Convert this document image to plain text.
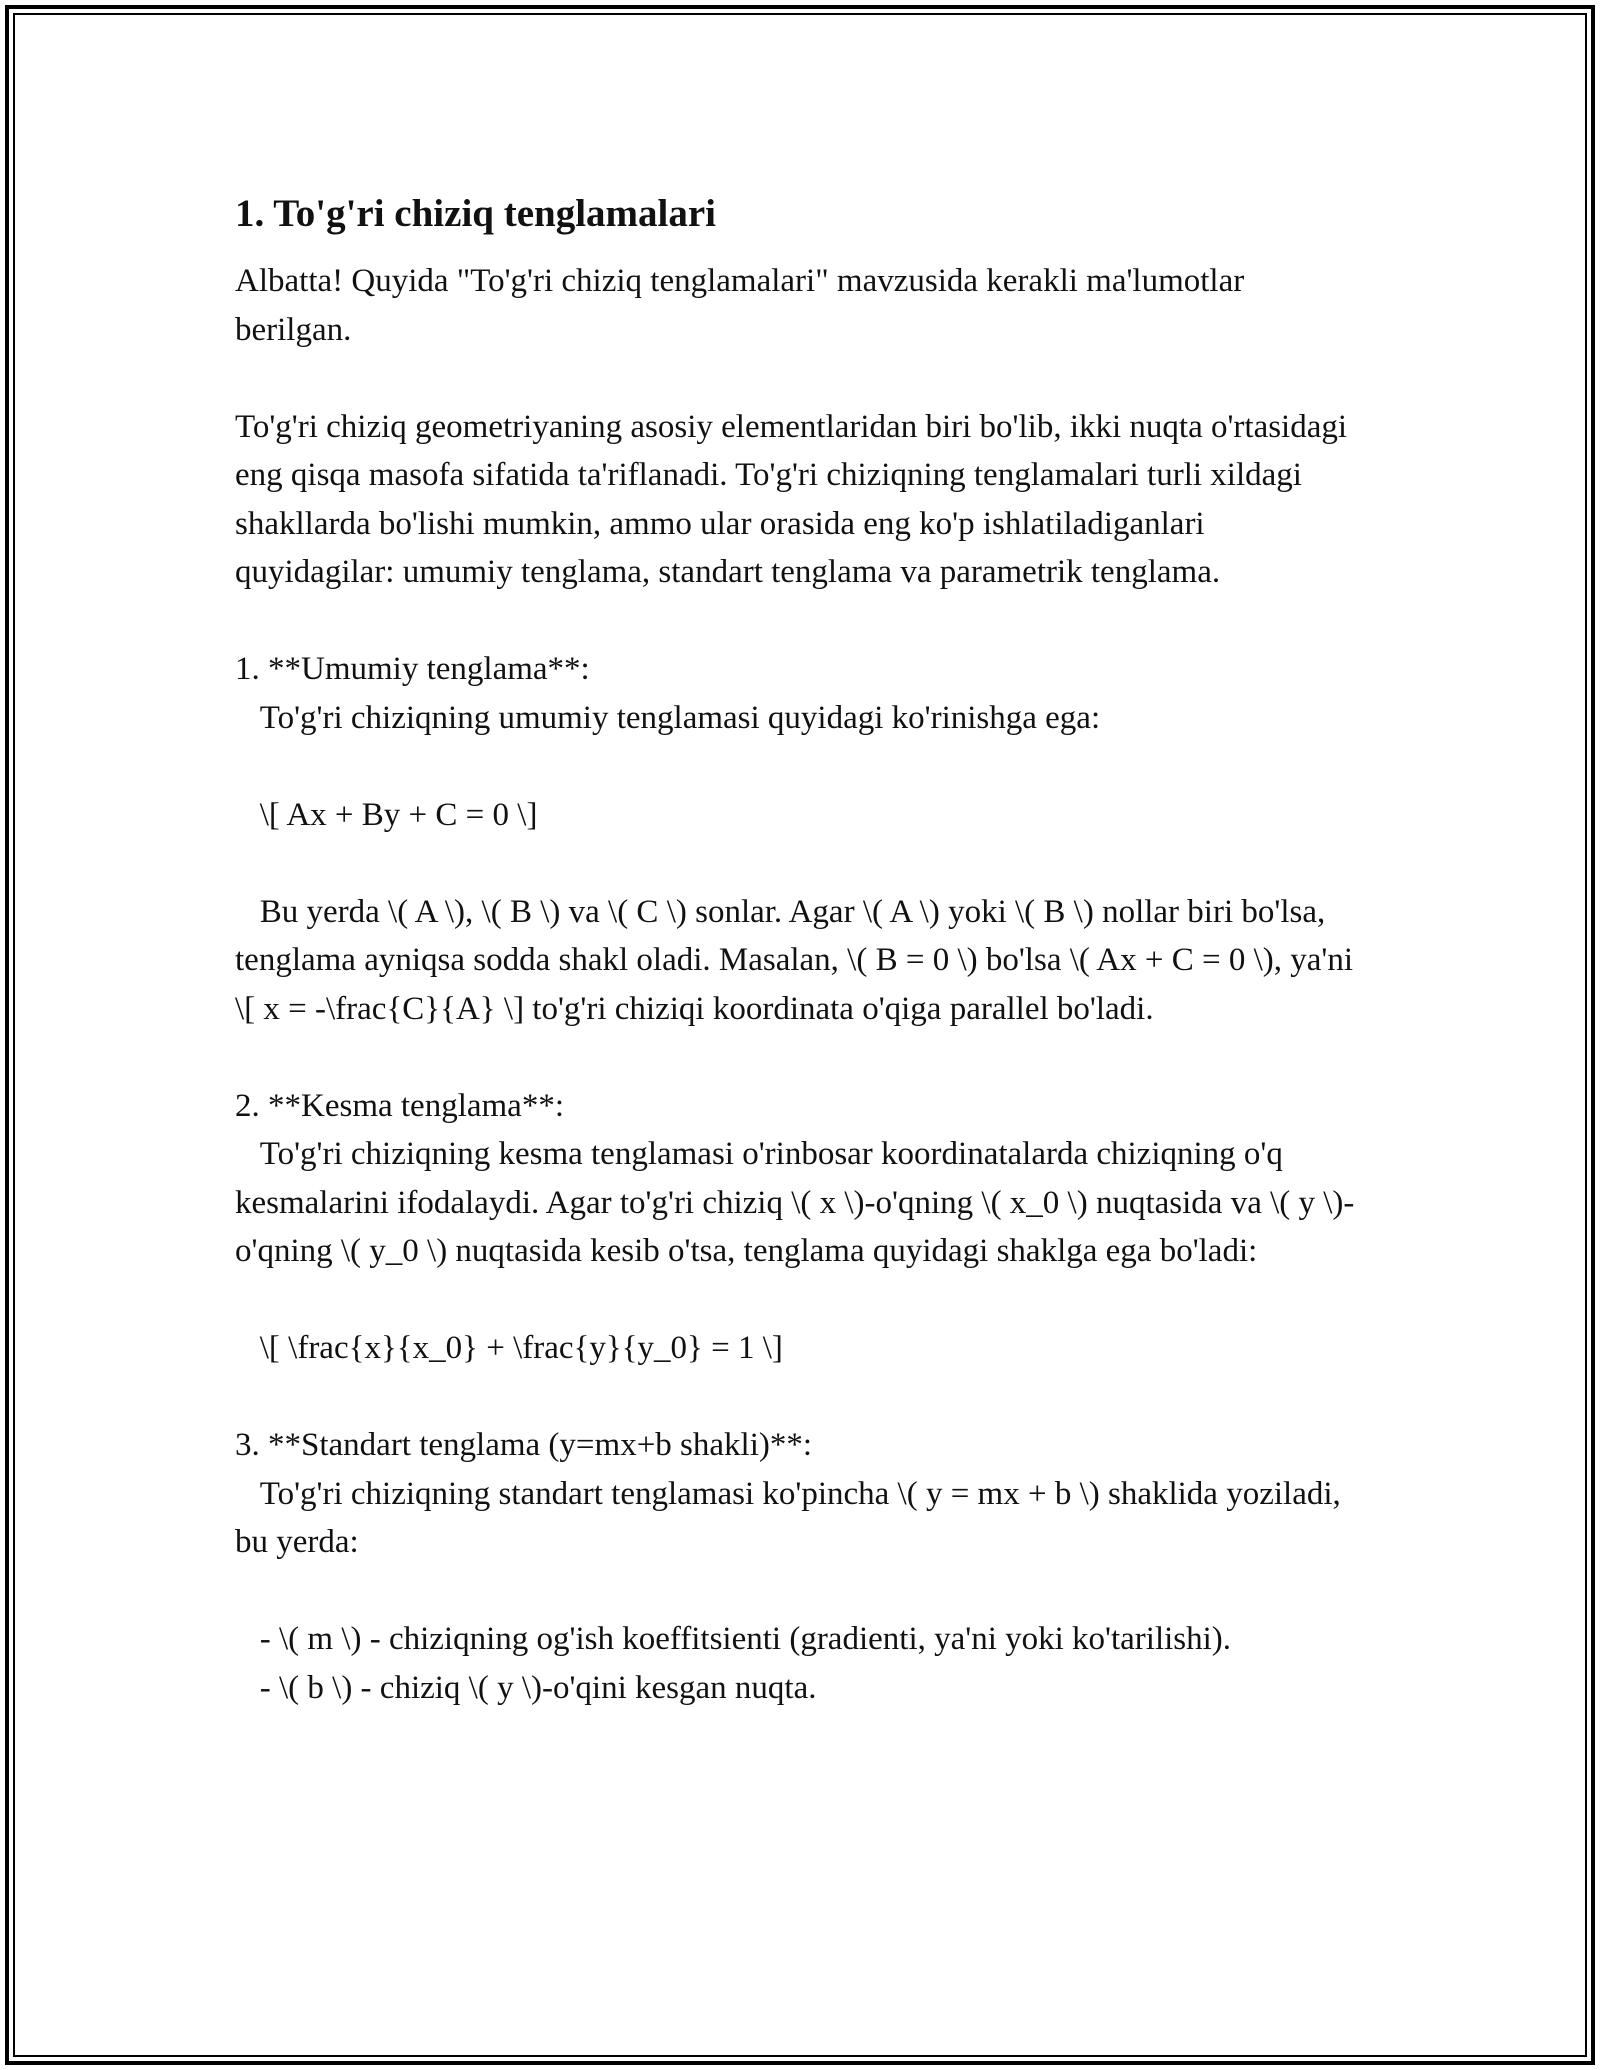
1. To'g'ri chiziq tenglamalari

Albatta! Quyida "To'g'ri chiziq tenglamalari" mavzusida kerakli ma'lumotlar berilgan.

To'g'ri chiziq geometriyaning asosiy elementlaridan biri bo'lib, ikki nuqta o'rtasidagi eng qisqa masofa sifatida ta'riflanadi. To'g'ri chiziqning tenglamalari turli xildagi shakllarda bo'lishi mumkin, ammo ular orasida eng ko'p ishlatiladiganlari quyidagilar: umumiy tenglama, standart tenglama va parametrik tenglama.

1. **Umumiy tenglama**:

To'g'ri chiziqning umumiy tenglamasi quyidagi ko'rinishga ega:

\[ Ax + By + C = 0 \]

Bu yerda \( A \), \( B \) va \( C \) sonlar. Agar \( A \) yoki \( B \) nollar biri bo'lsa, tenglama ayniqsa sodda shakl oladi. Masalan, \( B = 0 \) bo'lsa \( Ax + C = 0 \), ya'ni \[ x = -\frac{C}{A} \] to'g'ri chiziqi koordinata o'qiga parallel bo'ladi.

2. **Kesma tenglama**:

To'g'ri chiziqning kesma tenglamasi o'rinbosar koordinatalarda chiziqning o'q kesmalarini ifodalaydi. Agar to'g'ri chiziq \( x \)-o'qning \( x_0 \) nuqtasida va \( y \)-o'qning \( y_0 \) nuqtasida kesib o'tsa, tenglama quyidagi shaklga ega bo'ladi:

\[ \frac{x}{x_0} + \frac{y}{y_0} = 1 \]

3. **Standart tenglama (y=mx+b shakli)**:

To'g'ri chiziqning standart tenglamasi ko'pincha \( y = mx + b \) shaklida yoziladi, bu yerda:

- \( m \) - chiziqning og'ish koeffitsienti (gradienti, ya'ni yoki ko'tarilishi).

- \( b \) - chiziq \( y \)-o'qini kesgan nuqta.
